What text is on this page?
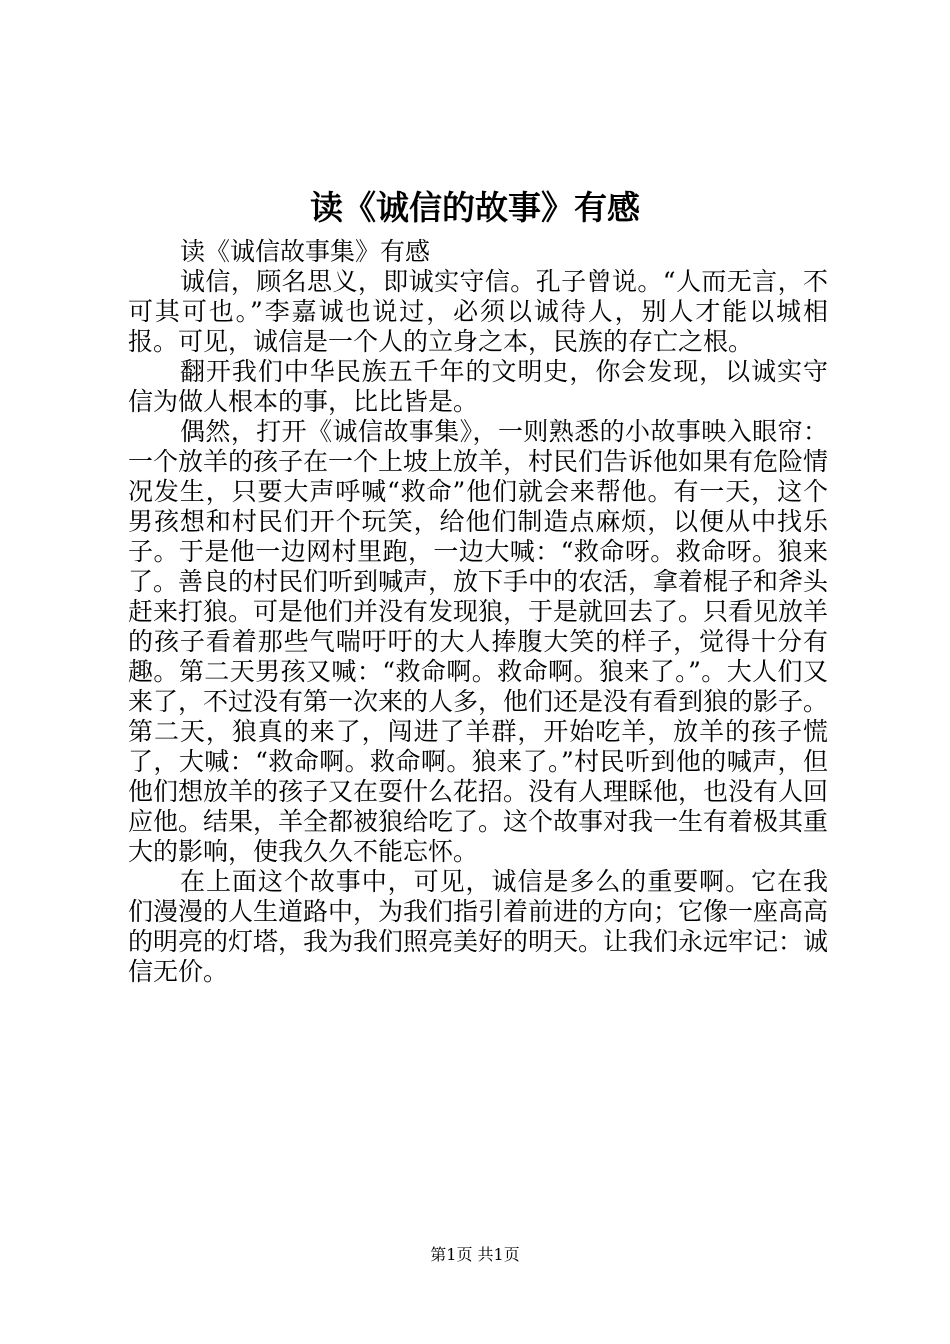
读《诚信的故事》有感

读《诚信故事集》有感

诚信，顾名思义，即诚实守信。孔子曾说。“人而无言，不可其可也。”李嘉诚也说过，必须以诚待人，别人才能以城相报。可见，诚信是一个人的立身之本，民族的存亡之根。

翻开我们中华民族五千年的文明史，你会发现，以诚实守信为做人根本的事，比比皆是。

偶然，打开《诚信故事集》，一则熟悉的小故事映入眼帘：一个放羊的孩子在一个上坡上放羊，村民们告诉他如果有危险情况发生，只要大声呼喊“救命”他们就会来帮他。有一天，这个男孩想和村民们开个玩笑，给他们制造点麻烦，以便从中找乐子。于是他一边网村里跑，一边大喊：“救命呀。救命呀。狼来了。善良的村民们听到喊声，放下手中的农活，拿着棍子和斧头赶来打狼。可是他们并没有发现狼，于是就回去了。只看见放羊的孩子看着那些气喘吁吁的大人捧腹大笑的样子，觉得十分有趣。第二天男孩又喊：“救命啊。救命啊。狼来了。”。大人们又来了，不过没有第一次来的人多，他们还是没有看到狼的影子。第二天，狼真的来了，闯进了羊群，开始吃羊，放羊的孩子慌了，大喊：“救命啊。救命啊。狼来了。”村民听到他的喊声，但他们想放羊的孩子又在耍什么花招。没有人理睬他，也没有人回应他。结果，羊全都被狼给吃了。这个故事对我一生有着极其重大的影响，使我久久不能忘怀。

在上面这个故事中，可见，诚信是多么的重要啊。它在我们漫漫的人生道路中，为我们指引着前进的方向；它像一座高高的明亮的灯塔，我为我们照亮美好的明天。让我们永远牢记：诚信无价。

第1页 共1页
